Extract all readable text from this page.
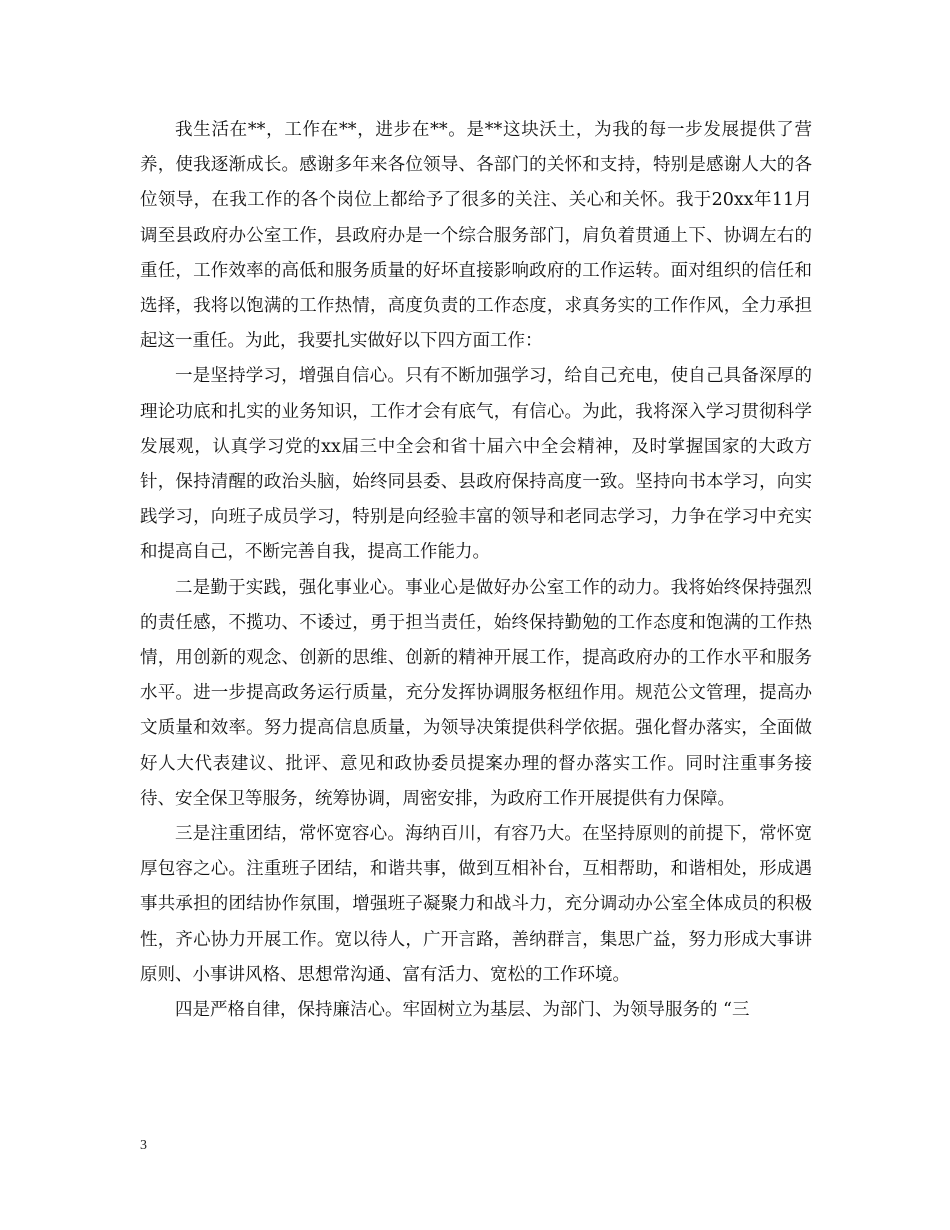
我生活在**，工作在**，进步在**。是**这块沃土，为我的每一步发展提供了营养，使我逐渐成长。感谢多年来各位领导、各部门的关怀和支持，特别是感谢人大的各位领导，在我工作的各个岗位上都给予了很多的关注、关心和关怀。我于20xx年11月调至县政府办公室工作，县政府办是一个综合服务部门，肩负着贯通上下、协调左右的重任，工作效率的高低和服务质量的好坏直接影响政府的工作运转。面对组织的信任和选择，我将以饱满的工作热情，高度负责的工作态度，求真务实的工作作风，全力承担起这一重任。为此，我要扎实做好以下四方面工作：

一是坚持学习，增强自信心。只有不断加强学习，给自己充电，使自己具备深厚的理论功底和扎实的业务知识，工作才会有底气，有信心。为此，我将深入学习贯彻科学发展观，认真学习党的xx届三中全会和省十届六中全会精神，及时掌握国家的大政方针，保持清醒的政治头脑，始终同县委、县政府保持高度一致。坚持向书本学习，向实践学习，向班子成员学习，特别是向经验丰富的领导和老同志学习，力争在学习中充实和提高自己，不断完善自我，提高工作能力。

二是勤于实践，强化事业心。事业心是做好办公室工作的动力。我将始终保持强烈的责任感，不揽功、不诿过，勇于担当责任，始终保持勤勉的工作态度和饱满的工作热情，用创新的观念、创新的思维、创新的精神开展工作，提高政府办的工作水平和服务水平。进一步提高政务运行质量，充分发挥协调服务枢纽作用。规范公文管理，提高办文质量和效率。努力提高信息质量，为领导决策提供科学依据。强化督办落实，全面做好人大代表建议、批评、意见和政协委员提案办理的督办落实工作。同时注重事务接待、安全保卫等服务，统筹协调，周密安排，为政府工作开展提供有力保障。

三是注重团结，常怀宽容心。海纳百川，有容乃大。在坚持原则的前提下，常怀宽厚包容之心。注重班子团结，和谐共事，做到互相补台，互相帮助，和谐相处，形成遇事共承担的团结协作氛围，增强班子凝聚力和战斗力，充分调动办公室全体成员的积极性，齐心协力开展工作。宽以待人，广开言路，善纳群言，集思广益，努力形成大事讲原则、小事讲风格、思想常沟通、富有活力、宽松的工作环境。

四是严格自律，保持廉洁心。牢固树立为基层、为部门、为领导服务的 “三

3
